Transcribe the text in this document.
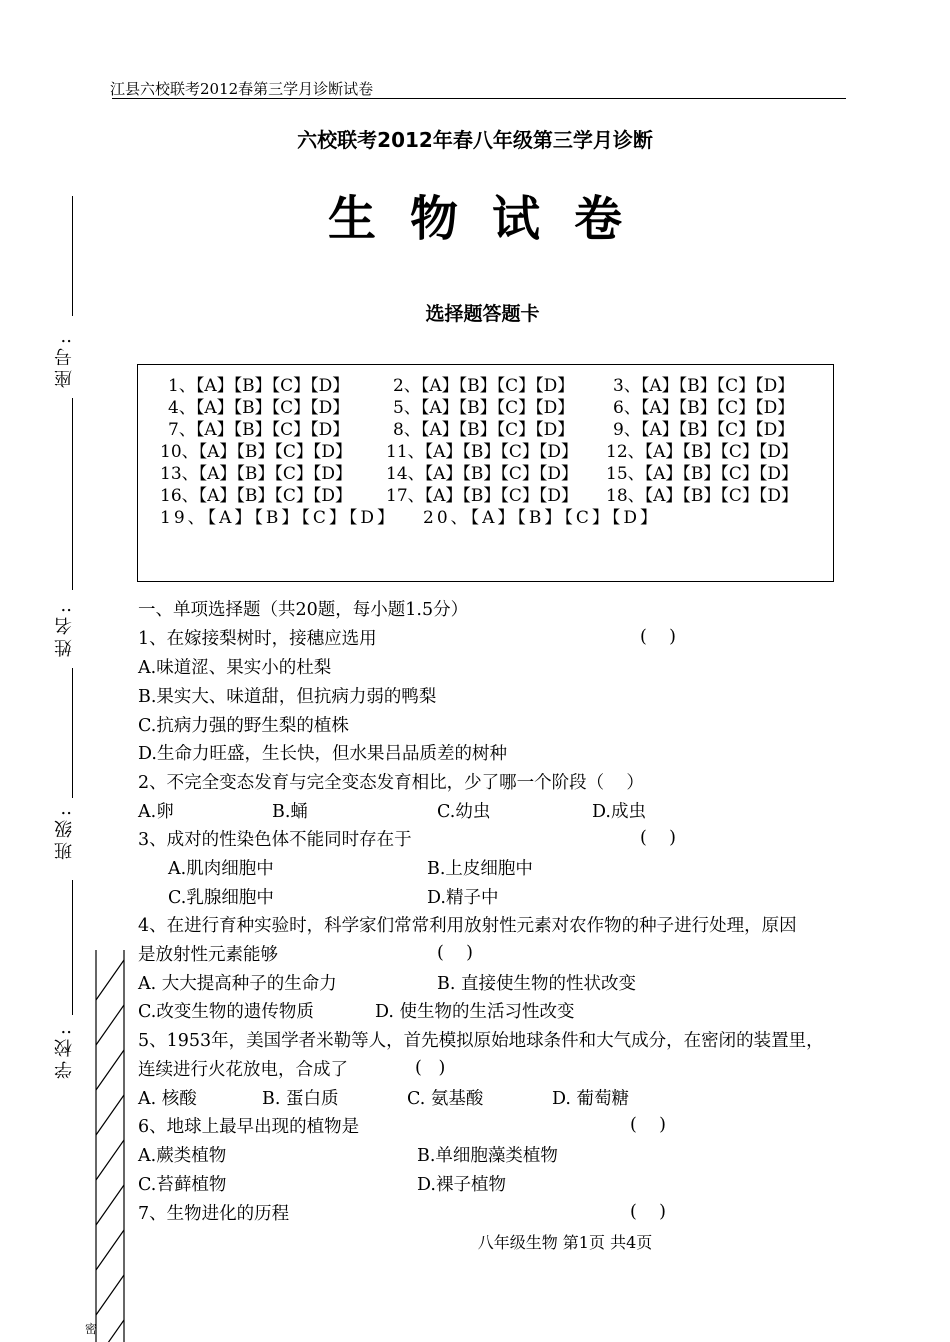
江县六校联考2012春第三学月诊断试卷
六校联考2012年春八年级第三学月诊断
生物试卷
选择题答题卡
1、【A】【B】【C】【D】	2、【A】【B】【C】【D】 3、【A】【B】【C】【D】
4、【A】【B】【C】【D】	5、【A】【B】【C】【D】 6、【A】【B】【C】【D】
7、【A】【B】【C】【D】	8、【A】【B】【C】【D】 9、【A】【B】【C】【D】
10、【A】【B】【C】【D】 11、【A】【B】【C】【D】 12、【A】【B】【C】【D】
13、【A】【B】【C】【D】 14、【A】【B】【C】【D】 15、【A】【B】【C】【D】
16、【A】【B】【C】【D】 17、【A】【B】【C】【D】 18、【A】【B】【C】【D】
19、【A】【B】【C】【D】 20、【A】【B】【C】【D】
一、单项选择题（共20题，每小题1.5分）
1、在嫁接梨树时，接穗应选用	(    )
A.味道涩、果实小的杜梨
B.果实大、味道甜，但抗病力弱的鸭梨
C.抗病力强的野生梨的植株
D.生命力旺盛，生长快，但水果吕品质差的树种
2、不完全变态发育与完全变态发育相比，少了哪一个阶段（    ）
A.卵	B.蛹	C.幼虫	D.成虫
3、成对的性染色体不能同时存在于	(    )
A.肌肉细胞中	B.上皮细胞中
C.乳腺细胞中	D.精子中
4、在进行育种实验时，科学家们常常利用放射性元素对农作物的种子进行处理，原因
是放射性元素能够	(    )
A. 大大提高种子的生命力	B. 直接使生物的性状改变
C.改变生物的遗传物质	D. 使生物的生活习性改变
5、1953年，美国学者米勒等人，首先模拟原始地球条件和大气成分，在密闭的装置里，
连续进行火花放电，合成了	(   )
A. 核酸	B. 蛋白质	C. 氨基酸	D. 葡萄糖
6、地球上最早出现的植物是	(    )
A.蕨类植物	B.单细胞藻类植物
C.苔藓植物	D.裸子植物
7、生物进化的历程	(    )
八年级生物 第1页 共4页
座号:
姓名:
班级:
学校:
密
